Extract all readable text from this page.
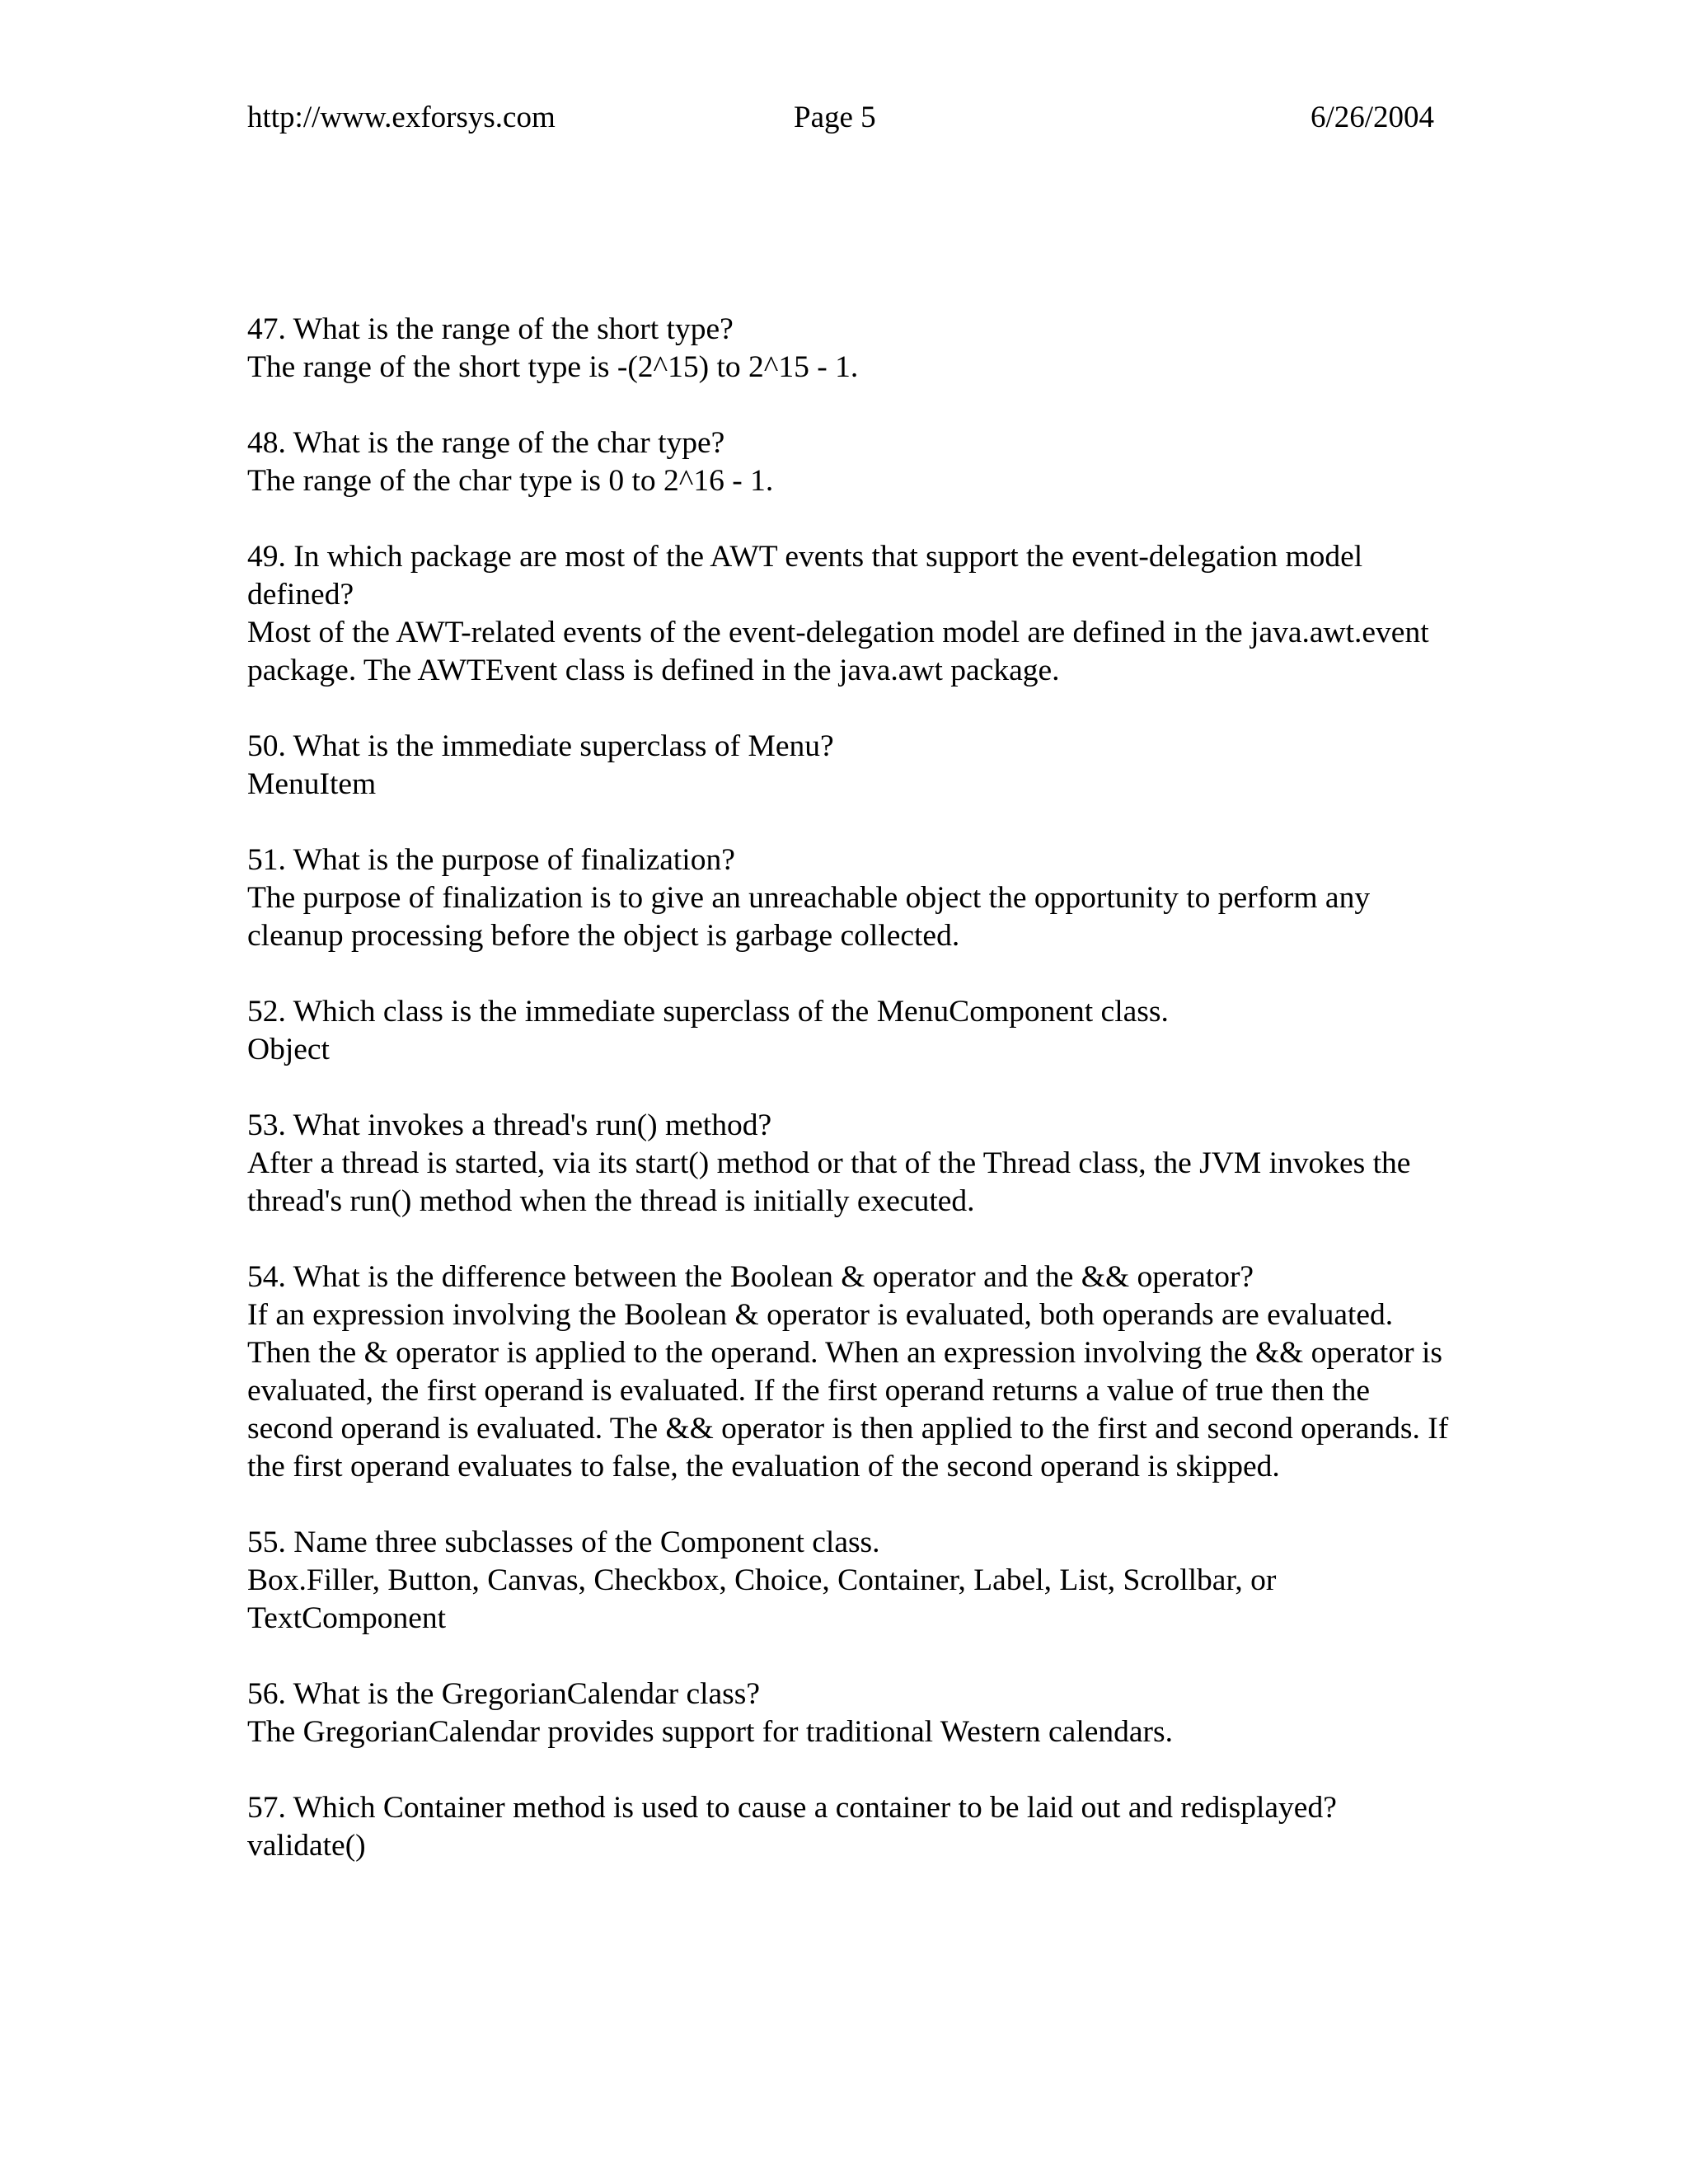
http://www.exforsys.com	Page 5	6/26/2004

47. What is the range of the short type?

The range of the short type is -(2^15) to 2^15 - 1.

48. What is the range of the char type?

The range of the char type is 0 to 2^16 - 1.

49. In which package are most of the AWT events that support the event-delegation model defined?

Most of the AWT-related events of the event-delegation model are defined in the java.awt.event package. The AWTEvent class is defined in the java.awt package.

50. What is the immediate superclass of Menu?

MenuItem

51. What is the purpose of finalization?

The purpose of finalization is to give an unreachable object the opportunity to perform any cleanup processing before the object is garbage collected.

52. Which class is the immediate superclass of the MenuComponent class.

Object

53. What invokes a thread's run() method?

After a thread is started, via its start() method or that of the Thread class, the JVM invokes the thread's run() method when the thread is initially executed.

54. What is the difference between the Boolean & operator and the && operator?

If an expression involving the Boolean & operator is evaluated, both operands are evaluated. Then the & operator is applied to the operand. When an expression involving the && operator is evaluated, the first operand is evaluated. If the first operand returns a value of true then the second operand is evaluated. The && operator is then applied to the first and second operands. If the first operand evaluates to false, the evaluation of the second operand is skipped.

55. Name three subclasses of the Component class.

Box.Filler, Button, Canvas, Checkbox, Choice, Container, Label, List, Scrollbar, or TextComponent

56. What is the GregorianCalendar class?

The GregorianCalendar provides support for traditional Western calendars.

57. Which Container method is used to cause a container to be laid out and redisplayed?

validate()
